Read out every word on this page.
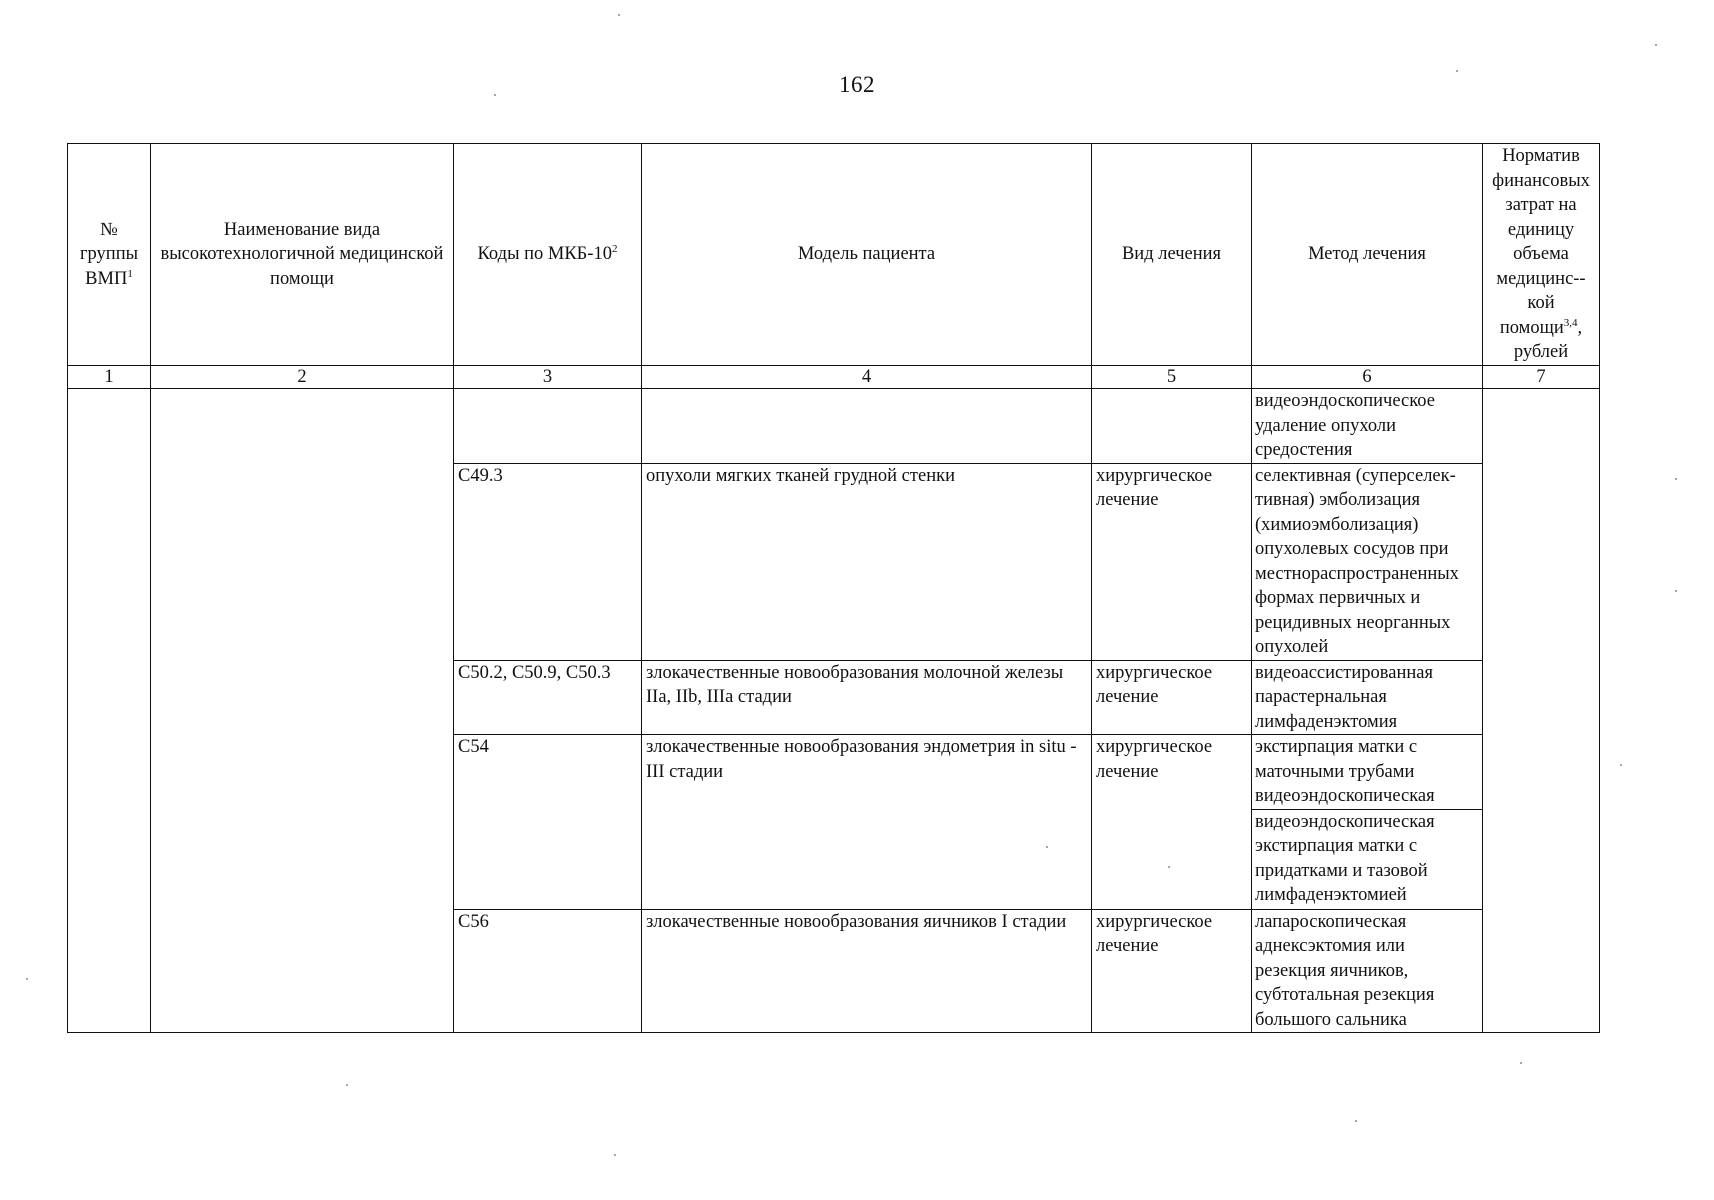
162
№ группы ВМП$^1$	Наименование вида высокотехнологичной медицинской помощи	Коды по МКБ-$10^2$	Модель пациента	Вид лечения	Метод лечения	Норматив финансовых затрат на единицу объема медицинс-- кой помощи$^{3,4}$, рублей
1	2	3	4	5	6	7
					видеоэндоскопическое удаление опухоли средостения	
		C49.3	опухоли мягких тканей грудной стенки	хирургическое лечение	селективная (суперселек-тивная) эмболизация (химиоэмболизация) опухолевых сосудов при местнораспространенных формах первичных и рецидивных неорганных опухолей	
		C50.2, C50.9, C50.3	злокачественные новообразования молочной железы IIa, IIb, IIIa стадии	хирургическое лечение	видеоассистированная парастернальная лимфаденэктомия	
		C54	злокачественные новообразования эндометрия in situ - III стадии	хирургическое лечение	экстирпация матки с маточными трубами видеоэндоскопическая	
					видеоэндоскопическая экстирпация матки с придатками и тазовой лимфаденэктомией	
		C56	злокачественные новообразования яичников I стадии	хирургическое лечение	лапароскопическая аднексэктомия или резекция яичников, субтотальная резекция большого сальника	
